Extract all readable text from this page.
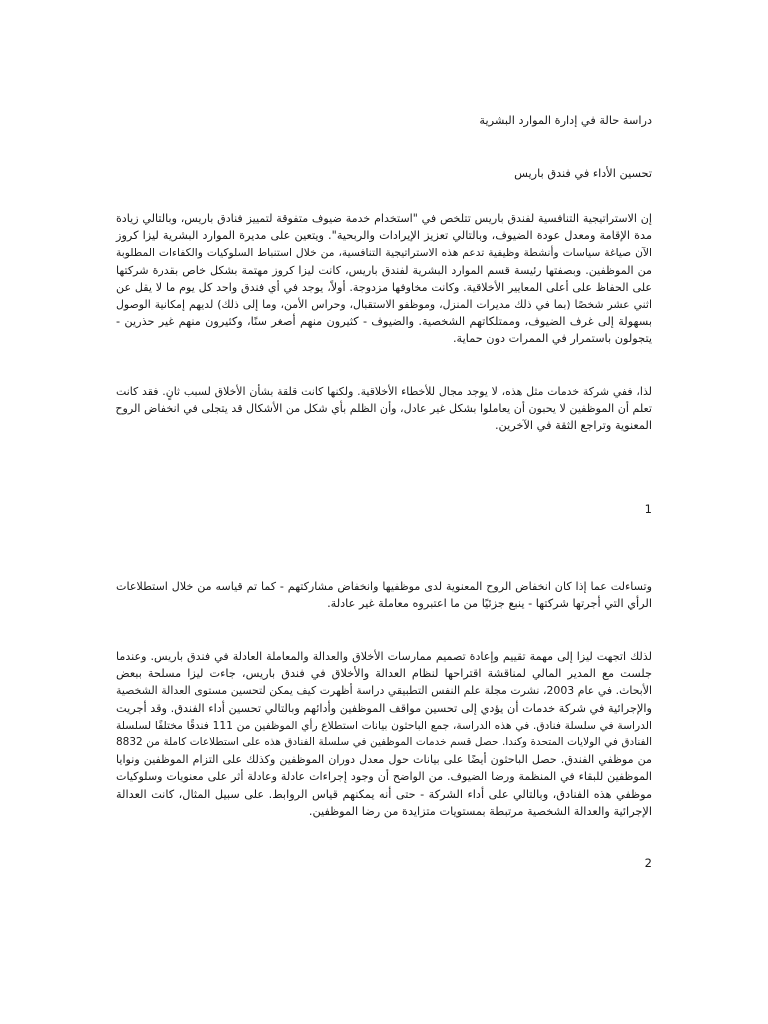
دراسة حالة في إدارة الموارد البشرية
تحسين الأداء في فندق باريس
إن الاستراتيجية التنافسية لفندق باريس تتلخص في "استخدام خدمة ضيوف متفوقة لتمييز فنادق باريس، وبالتالي زيادة
مدة الإقامة ومعدل عودة الضيوف، وبالتالي تعزيز الإيرادات والربحية". ويتعين على مديرة الموارد البشرية ليزا كروز
الآن صياغة سياسات وأنشطة وظيفية تدعم هذه الاستراتيجية التنافسية، من خلال استنباط السلوكيات والكفاءات المطلوبة
من الموظفين. وبصفتها رئيسة قسم الموارد البشرية لفندق باريس، كانت ليزا كروز مهتمة بشكل خاص بقدرة شركتها
على الحفاظ على أعلى المعايير الأخلاقية. وكانت مخاوفها مزدوجة. أولاً، يوجد في أي فندق واحد كل يوم ما لا يقل عن
اثني عشر شخصًا (بما في ذلك مديرات المنزل، وموظفو الاستقبال، وحراس الأمن، وما إلى ذلك) لديهم إمكانية الوصول
بسهولة إلى غرف الضيوف، وممتلكاتهم الشخصية. والضيوف - كثيرون منهم أصغر سنًا، وكثيرون منهم غير حذرين -
يتجولون باستمرار في الممرات دون حماية.
لذا، ففي شركة خدمات مثل هذه، لا يوجد مجال للأخطاء الأخلاقية. ولكنها كانت قلقة بشأن الأخلاق لسبب ثانٍ. فقد كانت
تعلم أن الموظفين لا يحبون أن يعاملوا بشكل غير عادل، وأن الظلم بأي شكل من الأشكال قد يتجلى في انخفاض الروح
المعنوية وتراجع الثقة في الآخرين.
1
وتساءلت عما إذا كان انخفاض الروح المعنوية لدى موظفيها وانخفاض مشاركتهم - كما تم قياسه من خلال استطلاعات
الرأي التي أجرتها شركتها - ينبع جزئيًا من ما اعتبروه معاملة غير عادلة.
لذلك اتجهت ليزا إلى مهمة تقييم وإعادة تصميم ممارسات الأخلاق والعدالة والمعاملة العادلة في فندق باريس. وعندما
جلست مع المدير المالي لمناقشة اقتراحها لنظام العدالة والأخلاق في فندق باريس، جاءت ليزا مسلحة ببعض
الأبحاث. في عام 2003، نشرت مجلة علم النفس التطبيقي دراسة أظهرت كيف يمكن لتحسين مستوى العدالة الشخصية
والإجرائية في شركة خدمات أن يؤدي إلى تحسين مواقف الموظفين وأدائهم وبالتالي تحسين أداء الفندق. وقد أجريت
الدراسة في سلسلة فنادق. في هذه الدراسة، جمع الباحثون بيانات استطلاع رأي الموظفين من 111 فندقًا مختلفًا لسلسلة
الفنادق في الولايات المتحدة وكندا. حصل قسم خدمات الموظفين في سلسلة الفنادق هذه على استطلاعات كاملة من 8832
من موظفي الفندق. حصل الباحثون أيضًا على بيانات حول معدل دوران الموظفين وكذلك على التزام الموظفين ونوايا
الموظفين للبقاء في المنظمة ورضا الضيوف. من الواضح أن وجود إجراءات عادلة وعادلة أثر على معنويات وسلوكيات
موظفي هذه الفنادق، وبالتالي على أداء الشركة - حتى أنه يمكنهم قياس الروابط. على سبيل المثال، كانت العدالة
الإجرائية والعدالة الشخصية مرتبطة بمستويات متزايدة من رضا الموظفين.
2
